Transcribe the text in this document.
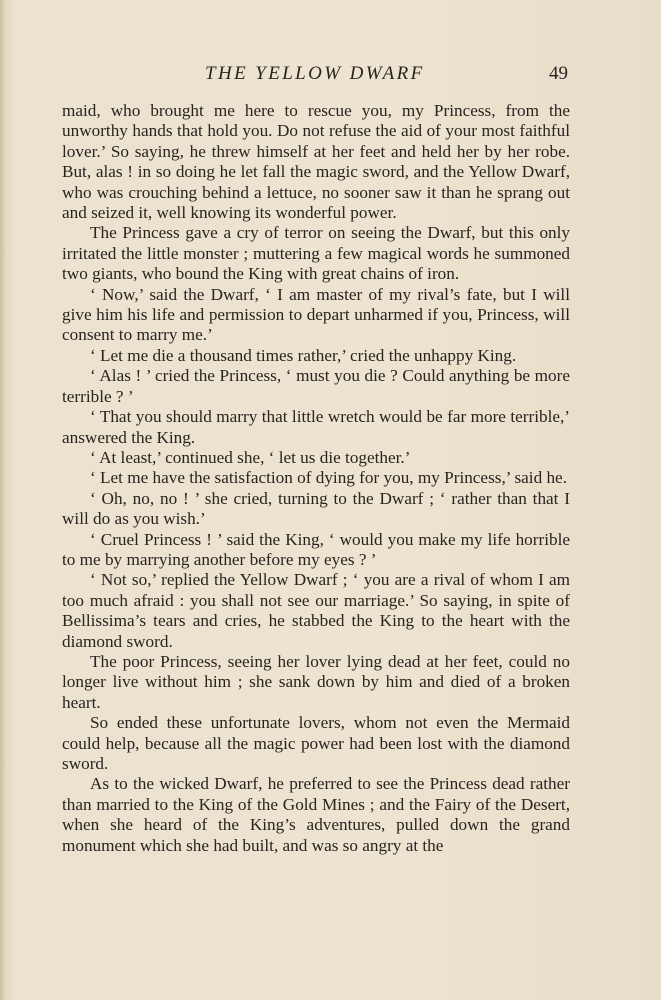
THE YELLOW DWARF	49

maid, who brought me here to rescue you, my Princess, from the unworthy hands that hold you. Do not refuse the aid of your most faithful lover.’ So saying, he threw himself at her feet and held her by her robe. But, alas ! in so doing he let fall the magic sword, and the Yellow Dwarf, who was crouching behind a lettuce, no sooner saw it than he sprang out and seized it, well knowing its wonderful power.

The Princess gave a cry of terror on seeing the Dwarf, but this only irritated the little monster ; muttering a few magical words he summoned two giants, who bound the King with great chains of iron.

‘ Now,’ said the Dwarf, ‘ I am master of my rival’s fate, but I will give him his life and permission to depart unharmed if you, Princess, will consent to marry me.’

‘ Let me die a thousand times rather,’ cried the unhappy King.

‘ Alas ! ’ cried the Princess, ‘ must you die ? Could anything be more terrible ? ’

‘ That you should marry that little wretch would be far more terrible,’ answered the King.

‘ At least,’ continued she, ‘ let us die together.’

‘ Let me have the satisfaction of dying for you, my Princess,’ said he.

‘ Oh, no, no ! ’ she cried, turning to the Dwarf ; ‘ rather than that I will do as you wish.’

‘ Cruel Princess ! ’ said the King, ‘ would you make my life horrible to me by marrying another before my eyes ? ’

‘ Not so,’ replied the Yellow Dwarf ; ‘ you are a rival of whom I am too much afraid : you shall not see our marriage.’ So saying, in spite of Bellissima’s tears and cries, he stabbed the King to the heart with the diamond sword.

The poor Princess, seeing her lover lying dead at her feet, could no longer live without him ; she sank down by him and died of a broken heart.

So ended these unfortunate lovers, whom not even the Mermaid could help, because all the magic power had been lost with the diamond sword.

As to the wicked Dwarf, he preferred to see the Princess dead rather than married to the King of the Gold Mines ; and the Fairy of the Desert, when she heard of the King’s adventures, pulled down the grand monument which she had built, and was so angry at the
